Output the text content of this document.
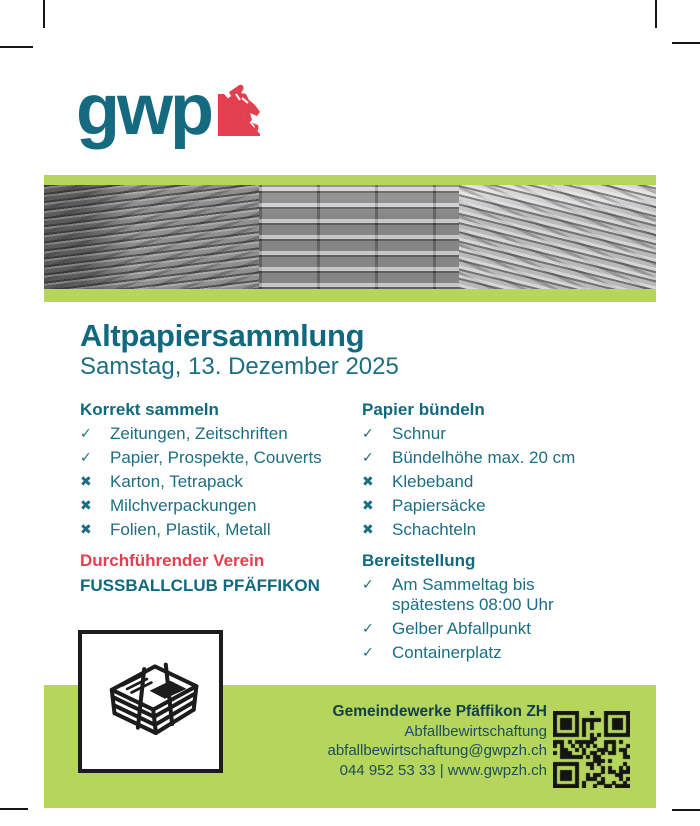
gwp
Altpapiersammlung
Samstag, 13. Dezember 2025
Korrekt sammeln
✓	Zeitungen, Zeitschriften
✓	Papier, Prospekte, Couverts
✖	Karton, Tetrapack
✖	Milchverpackungen
✖	Folien, Plastik, Metall
Papier bündeln
✓	Schnur
✓	Bündelhöhe max. 20 cm
✖	Klebeband
✖	Papiersäcke
✖	Schachteln
Durchführender Verein
FUSSBALLCLUB PFÄFFIKON
Bereitstellung
✓	Am Sammeltag bis spätestens 08:00 Uhr
✓	Gelber Abfallpunkt
✓	Containerplatz
Gemeindewerke Pfäffikon ZH
Abfallbewirtschaftung
abfallbewirtschaftung@gwpzh.ch
044 952 53 33 | www.gwpzh.ch
